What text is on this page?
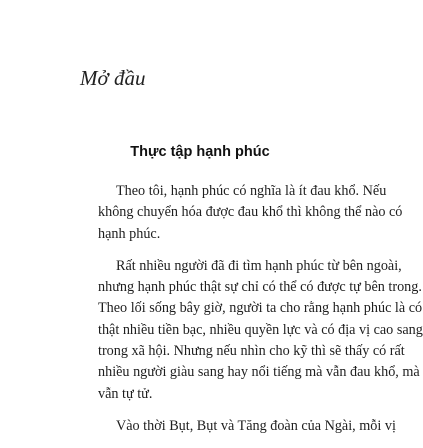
Mở đầu
Thực tập hạnh phúc

Theo tôi, hạnh phúc có nghĩa là ít đau khổ. Nếu
không chuyển hóa được đau khổ thì không thể nào có
hạnh phúc.

Rất nhiều người đã đi tìm hạnh phúc từ bên ngoài,
nhưng hạnh phúc thật sự chỉ có thể có được tự bên trong.
Theo lối sống bây giờ, người ta cho rằng hạnh phúc là có
thật nhiều tiền bạc, nhiều quyền lực và có địa vị cao sang
trong xã hội. Nhưng nếu nhìn cho kỹ thì sẽ thấy có rất
nhiều người giàu sang hay nổi tiếng mà vẫn đau khổ, mà
vẫn tự tử.

Vào thời Bụt, Bụt và Tăng đoàn của Ngài, mỗi vị
